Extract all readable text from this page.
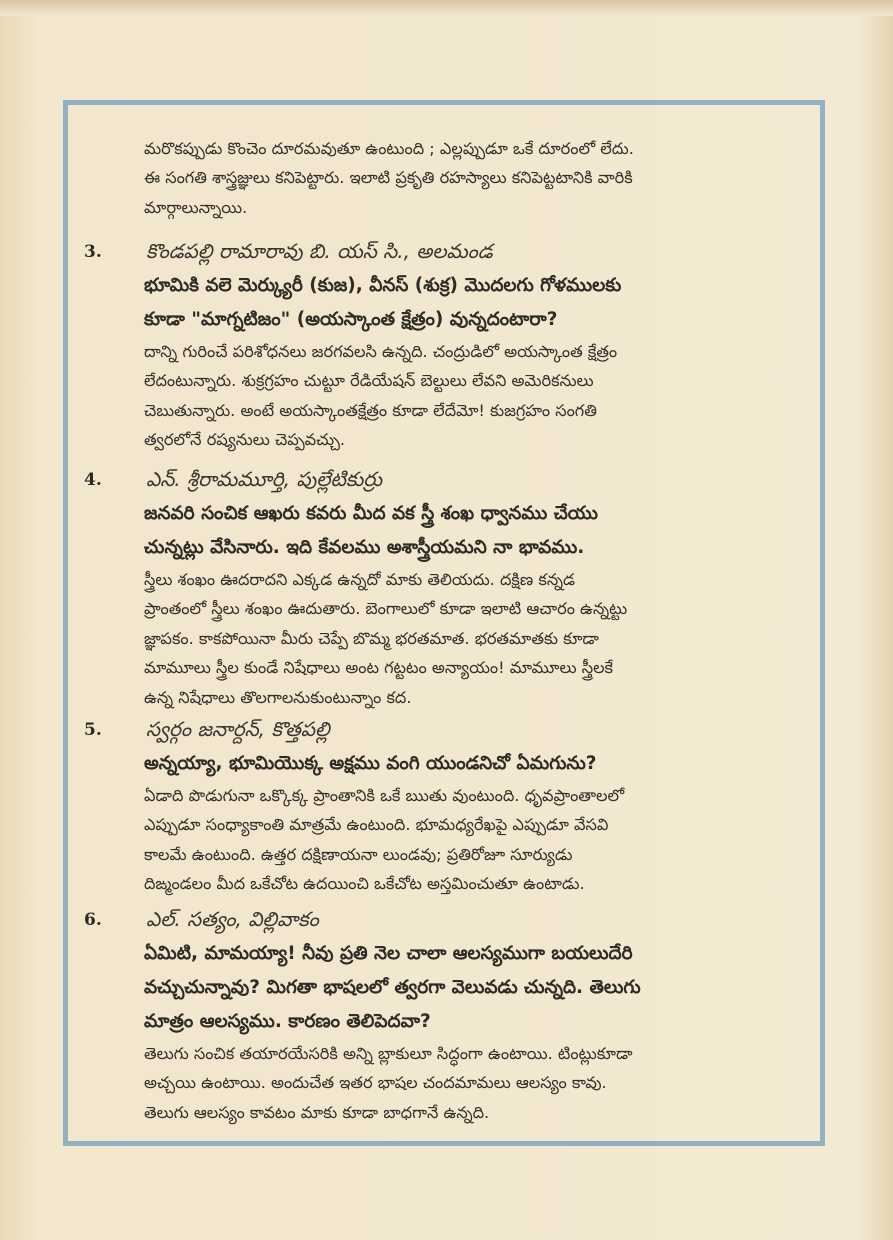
మరొకప్పుడు కొంచెం దూరమవుతూ ఉంటుంది ; ఎల్లప్పుడూ ఒకే దూరంలో లేదు.
ఈ సంగతి శాస్త్రజ్ఞులు కనిపెట్టారు. ఇలాటి ప్రకృతి రహస్యాలు కనిపెట్టటానికి వారికి
మార్గాలున్నాయి.
3. కొండపల్లి రామారావు బి. యస్ సి., అలమండ
భూమికి వలె మెర్క్యురీ (కుజ), వీనస్ (శుక్ర) మొదలగు గోళములకు
కూడా "మాగ్నటిజం" (అయస్కాంత క్షేత్రం) వున్నదంటారా?
దాన్ని గురించే పరిశోధనలు జరగవలసి ఉన్నది. చంద్రుడిలో అయస్కాంత క్షేత్రం
లేదంటున్నారు. శుక్రగ్రహం చుట్టూ రేడియేషన్ బెల్టులు లేవని అమెరికనులు
చెబుతున్నారు. అంటే అయస్కాంతక్షేత్రం కూడా లేదేమో! కుజగ్రహం సంగతి
త్వరలోనే రష్యనులు చెప్పవచ్చు.
4. ఎన్. శ్రీరామమూర్తి, పుల్లేటికుర్రు
జనవరి సంచిక ఆఖరు కవరు మీద వక స్త్రీ శంఖ ధ్వానము చేయు
చున్నట్లు వేసినారు. ఇది కేవలము అశాస్త్రీయమని నా భావము.
స్త్రీలు శంఖం ఊదరాదని ఎక్కడ ఉన్నదో మాకు తెలియదు. దక్షిణ కన్నడ
ప్రాంతంలో స్త్రీలు శంఖం ఊదుతారు. బెంగాలులో కూడా ఇలాటి ఆచారం ఉన్నట్టు
జ్ఞాపకం. కాకపోయినా మీరు చెప్పే బొమ్మ భరతమాత. భరతమాతకు కూడా
మామూలు స్త్రీల కుండే నిషేధాలు అంట గట్టటం అన్యాయం! మామూలు స్త్రీలకే
ఉన్న నిషేధాలు తొలగాలనుకుంటున్నాం కద.
5. స్వర్గం జనార్దన్, కొత్తపల్లి
అన్నయ్యా, భూమియొక్క అక్షము వంగి యుండనిచో ఏమగును?
ఏడాది పొడుగునా ఒక్కొక్క ప్రాంతానికి ఒకే ఋతు వుంటుంది. ధృవప్రాంతాలలో
ఎప్పుడూ సంధ్యాకాంతి మాత్రమే ఉంటుంది. భూమధ్యరేఖపై ఎప్పుడూ వేసవి
కాలమే ఉంటుంది. ఉత్తర దక్షిణాయనా లుండవు; ప్రతిరోజూ సూర్యుడు
దిఙ్మండలం మీద ఒకేచోట ఉదయించి ఒకేచోట అస్తమించుతూ ఉంటాడు.
6. ఎల్. సత్యం, విల్లివాకం
ఏమిటి, మామయ్యా! నీవు ప్రతి నెల చాలా ఆలస్యముగా బయలుదేరి
వచ్చుచున్నావు? మిగతా భాషలలో త్వరగా వెలువడు చున్నది. తెలుగు
మాత్రం ఆలస్యము. కారణం తెలిపెదవా?
తెలుగు సంచిక తయారయేసరికి అన్ని బ్లాకులూ సిద్ధంగా ఉంటాయి. టింట్లుకూడా
అచ్చయి ఉంటాయి. అందుచేత ఇతర భాషల చందమామలు ఆలస్యం కావు.
తెలుగు ఆలస్యం కావటం మాకు కూడా బాధగానే ఉన్నది.
